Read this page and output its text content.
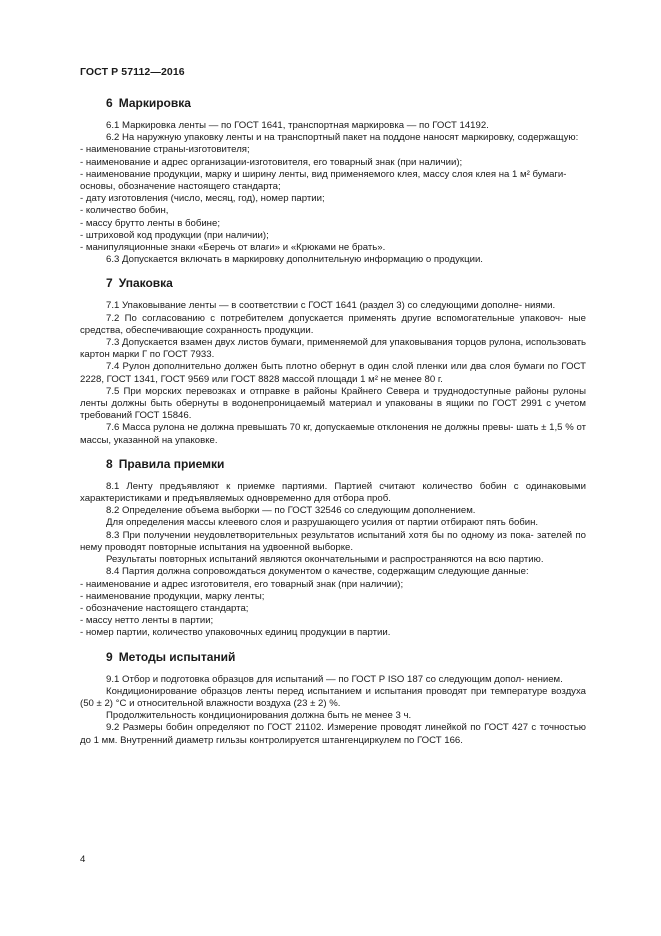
ГОСТ Р 57112—2016
6 Маркировка

6.1 Маркировка ленты — по ГОСТ 1641, транспортная маркировка — по ГОСТ 14192.

6.2 На наружную упаковку ленты и на транспортный пакет на поддоне наносят маркировку, содержащую:

- наименование страны-изготовителя;

- наименование и адрес организации-изготовителя, его товарный знак (при наличии);

- наименование продукции, марку и ширину ленты, вид применяемого клея, массу слоя клея на 1 м² бумаги-основы, обозначение настоящего стандарта;

- дату изготовления (число, месяц, год), номер партии;

- количество бобин,

- массу брутто ленты в бобине;

- штриховой код продукции (при наличии);

- манипуляционные знаки «Беречь от влаги» и «Крюками не брать».

6.3 Допускается включать в маркировку дополнительную информацию о продукции.

7 Упаковка

7.1 Упаковывание ленты — в соответствии с ГОСТ 1641 (раздел 3) со следующими дополне- ниями.

7.2 По согласованию с потребителем допускается применять другие вспомогательные упаковоч- ные средства, обеспечивающие сохранность продукции.

7.3 Допускается взамен двух листов бумаги, применяемой для упаковывания торцов рулона, использовать картон марки Г по ГОСТ 7933.

7.4 Рулон дополнительно должен быть плотно обернут в один слой пленки или два слоя бумаги по ГОСТ 2228, ГОСТ 1341, ГОСТ 9569 или ГОСТ 8828 массой площади 1 м² не менее 80 г.

7.5 При морских перевозках и отправке в районы Крайнего Севера и труднодоступные районы рулоны ленты должны быть обернуты в водонепроницаемый материал и упакованы в ящики по ГОСТ 2991 с учетом требований ГОСТ 15846.

7.6 Масса рулона не должна превышать 70 кг, допускаемые отклонения не должны превы- шать ± 1,5 % от массы, указанной на упаковке.

8 Правила приемки

8.1 Ленту предъявляют к приемке партиями. Партией считают количество бобин с одинаковыми характеристиками и предъявляемых одновременно для отбора проб.

8.2 Определение объема выборки — по ГОСТ 32546 со следующим дополнением.

Для определения массы клеевого слоя и разрушающего усилия от партии отбирают пять бобин.

8.3 При получении неудовлетворительных результатов испытаний хотя бы по одному из пока- зателей по нему проводят повторные испытания на удвоенной выборке.

Результаты повторных испытаний являются окончательными и распространяются на всю партию.

8.4 Партия должна сопровождаться документом о качестве, содержащим следующие данные:

- наименование и адрес изготовителя, его товарный знак (при наличии);

- наименование продукции, марку ленты;

- обозначение настоящего стандарта;

- массу нетто ленты в партии;

- номер партии, количество упаковочных единиц продукции в партии.

9 Методы испытаний

9.1 Отбор и подготовка образцов для испытаний — по ГОСТ Р ISO 187 со следующим допол- нением.

Кондиционирование образцов ленты перед испытанием и испытания проводят при температуре воздуха (50 ± 2) °С и относительной влажности воздуха (23 ± 2) %.

Продолжительность кондиционирования должна быть не менее 3 ч.

9.2 Размеры бобин определяют по ГОСТ 21102. Измерение проводят линейкой по ГОСТ 427 с точностью до 1 мм. Внутренний диаметр гильзы контролируется штангенциркулем по ГОСТ 166.

4
